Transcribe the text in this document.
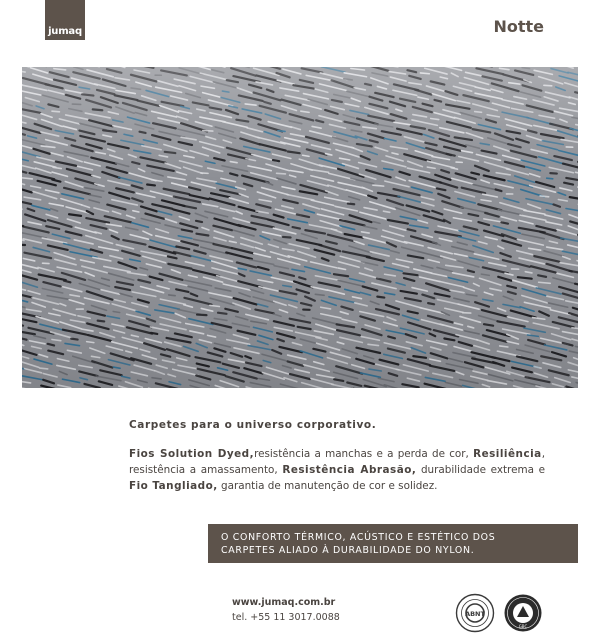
jumaq	Notte
Carpetes para o universo corporativo.

Fios Solution Dyed,resistência a manchas e a perda de cor, Resiliência, resistência a amassamento, Resistência Abrasão, durabilidade extrema e Fio Tangliado, garantia de manutenção de cor e solidez.

O CONFORTO TÉRMICO, ACÚSTICO E ESTÉTICO DOS
CARPETES ALIADO À DURABILIDADE DO NYLON.
www.jumaq.com.br
tel. +55 11 3017.0088	ABNT
GBC
